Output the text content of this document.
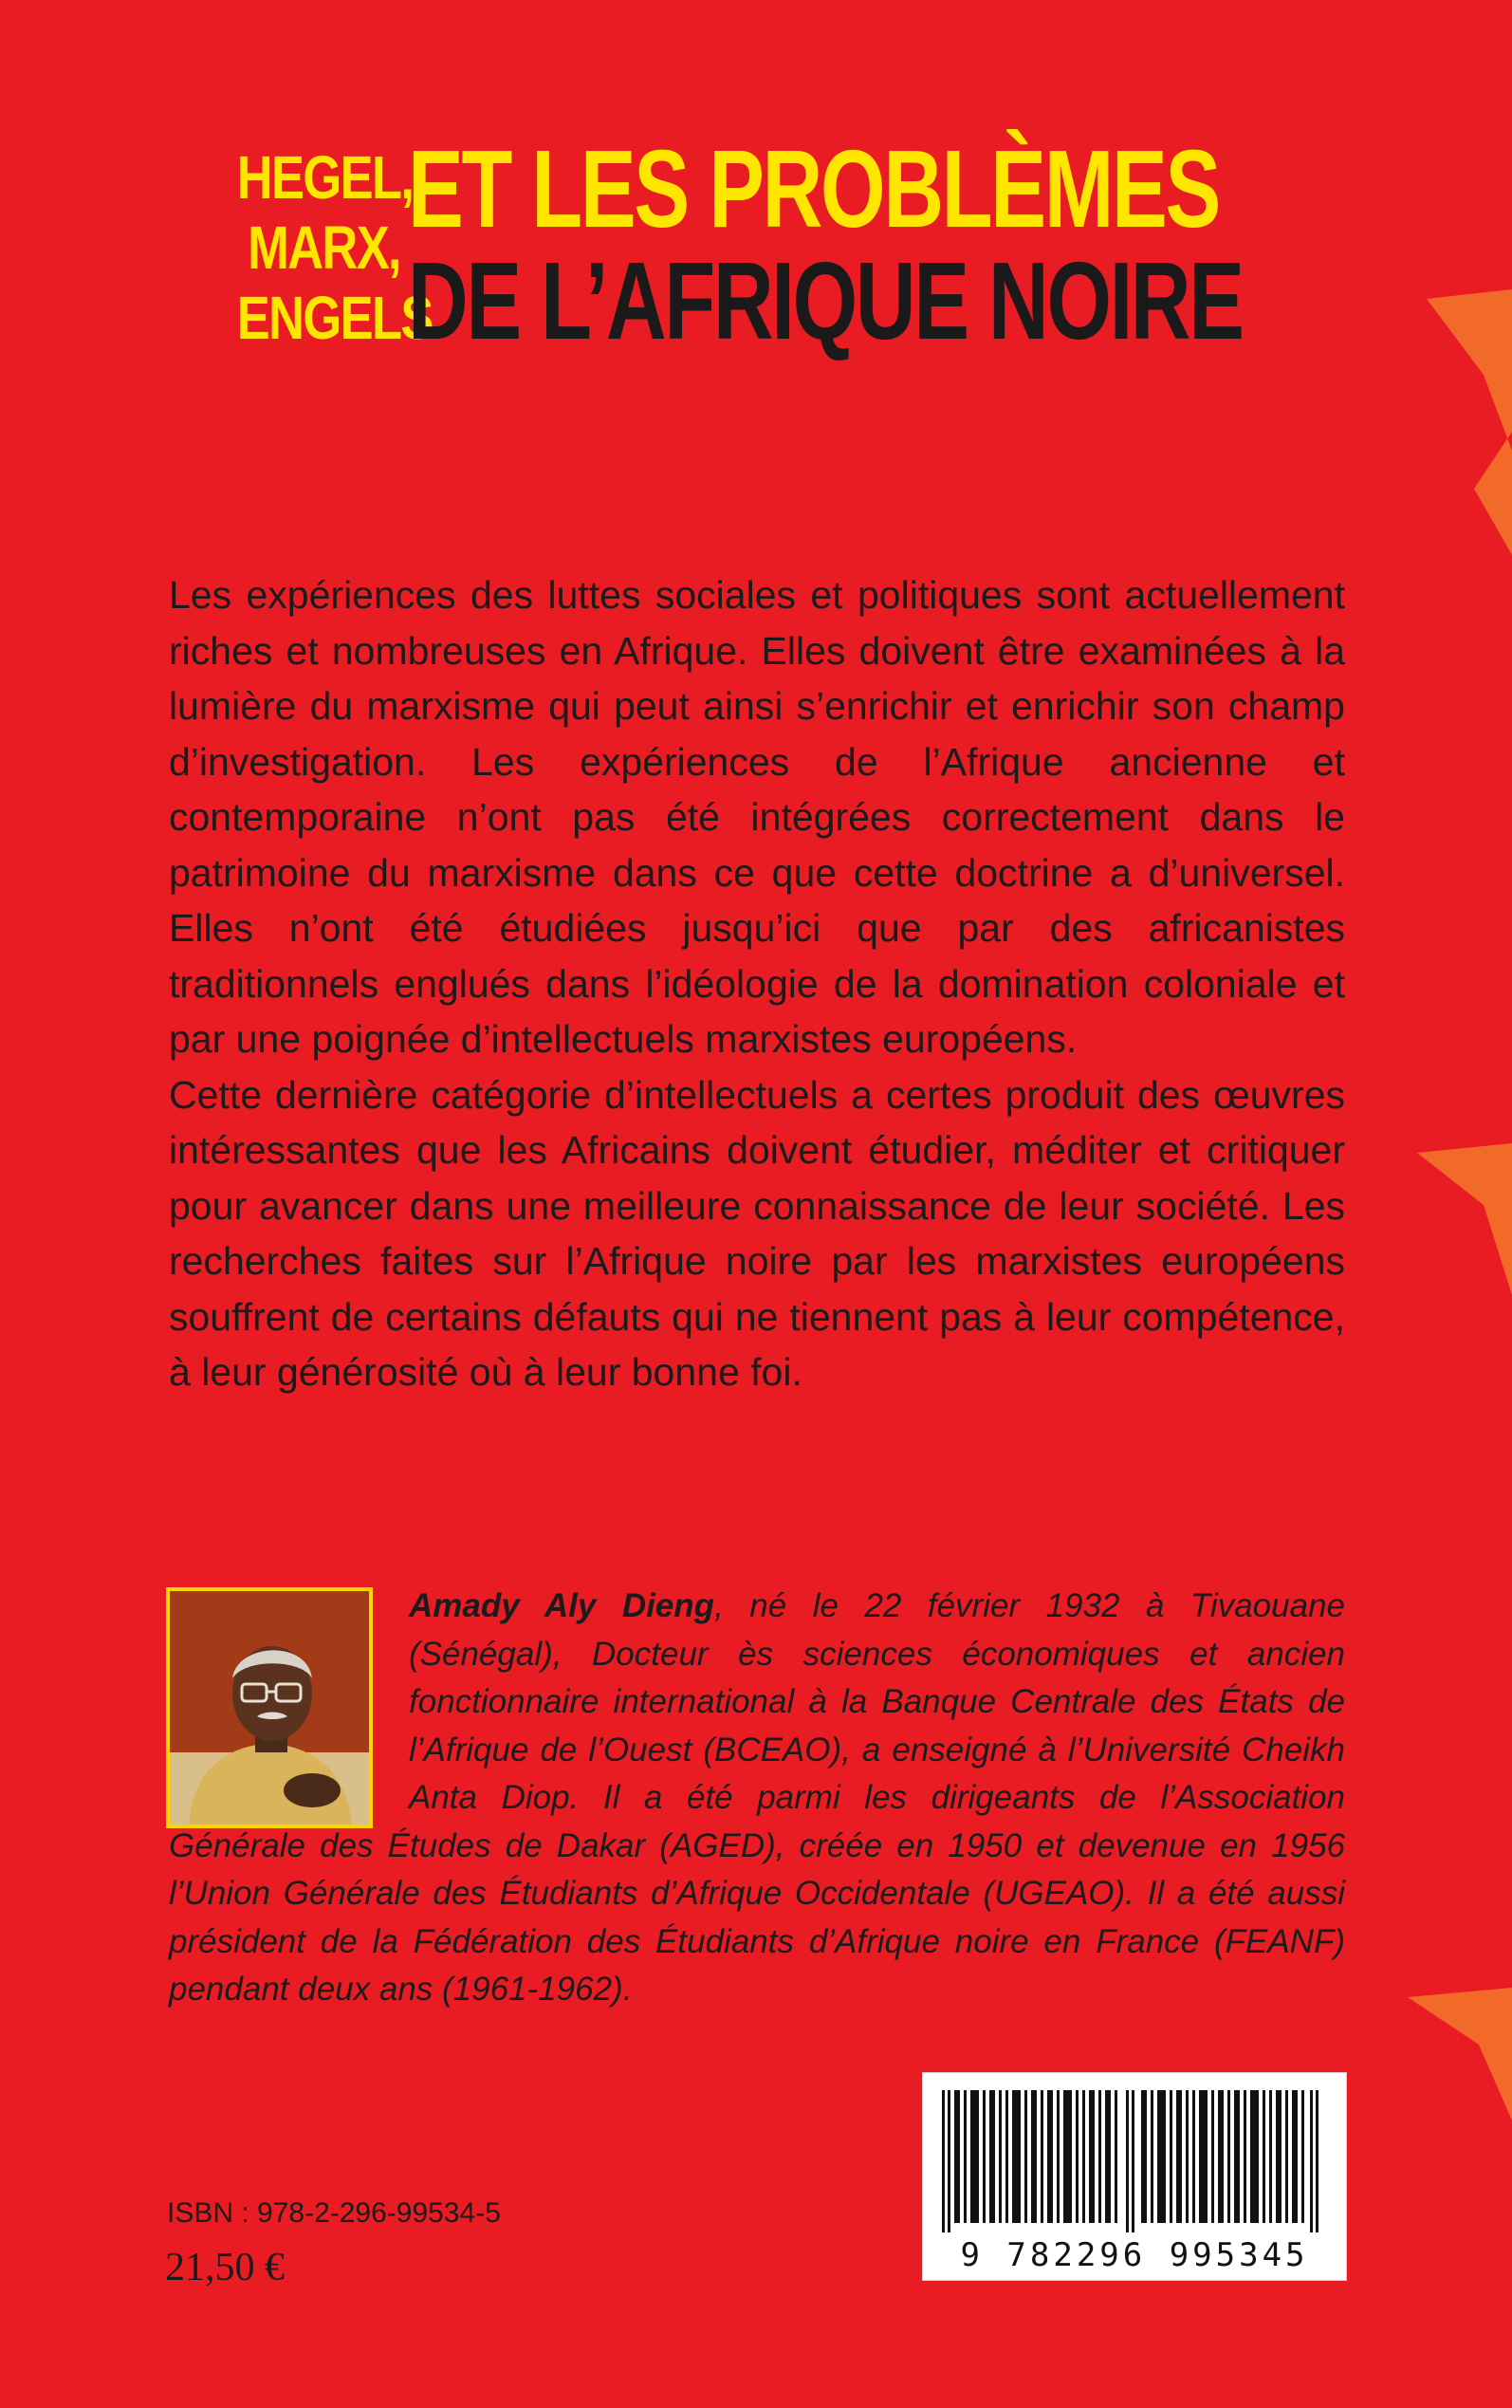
HEGEL,
MARX,
ENGELS
ET LES PROBLÈMES
DE L’AFRIQUE NOIRE

Les expériences des luttes sociales et politiques sont actuellement riches et nombreuses en Afrique. Elles doivent être examinées à la lumière du marxisme qui peut ainsi s’enrichir et enrichir son champ d’investigation. Les expériences de l’Afrique ancienne et contemporaine n’ont pas été intégrées correctement dans le patrimoine du marxisme dans ce que cette doctrine a d’universel. Elles n’ont été étudiées jusqu’ici que par des africanistes traditionnels englués dans l’idéologie de la domination coloniale et par une poignée d’intellectuels marxistes européens.

Cette dernière catégorie d’intellectuels a certes produit des œuvres intéressantes que les Africains doivent étudier, méditer et critiquer pour avancer dans une meilleure connaissance de leur société. Les recherches faites sur l’Afrique noire par les marxistes européens souffrent de certains défauts qui ne tiennent pas à leur compétence, à leur générosité où à leur bonne foi.

Amady Aly Dieng, né le 22 février 1932 à Tivaouane (Sénégal), Docteur ès sciences économiques et ancien fonctionnaire international à la Banque Centrale des États de l’Afrique de l’Ouest (BCEAO), a enseigné à l’Université Cheikh Anta Diop. Il a été parmi les dirigeants de l’Association Générale des Études de Dakar (AGED), créée en 1950 et devenue en 1956 l’Union Générale des Étudiants d’Afrique Occidentale (UGEAO). Il a été aussi président de la Fédération des Étudiants d’Afrique noire en France (FEANF) pendant deux ans (1961-1962).
9 782296 995345
ISBN : 978-2-296-99534-5
21,50 €
